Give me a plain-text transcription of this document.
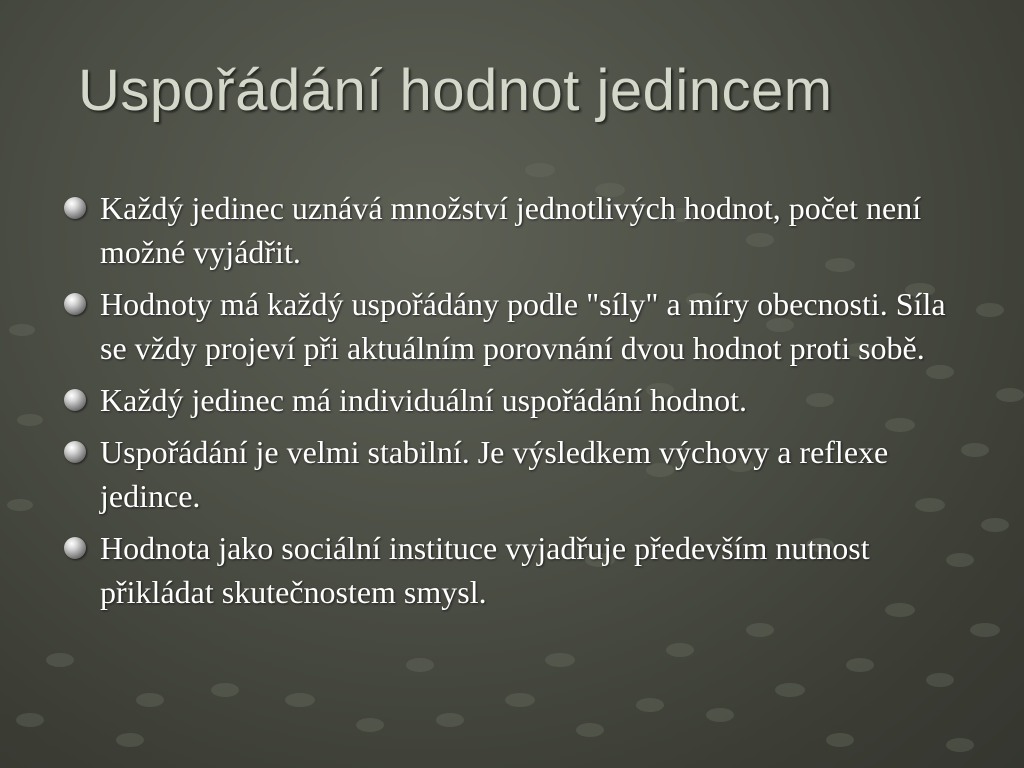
Uspořádání hodnot jedincem
Každý jedinec uznává množství jednotlivých hodnot, počet není možné vyjádřit.
Hodnoty má každý uspořádány podle "síly" a míry obecnosti. Síla se vždy projeví při aktuálním porovnání dvou hodnot proti sobě.
Každý jedinec má individuální uspořádání hodnot.
Uspořádání je velmi stabilní. Je výsledkem výchovy a reflexe jedince.
Hodnota jako sociální instituce vyjadřuje především nutnost přikládat skutečnostem smysl.
